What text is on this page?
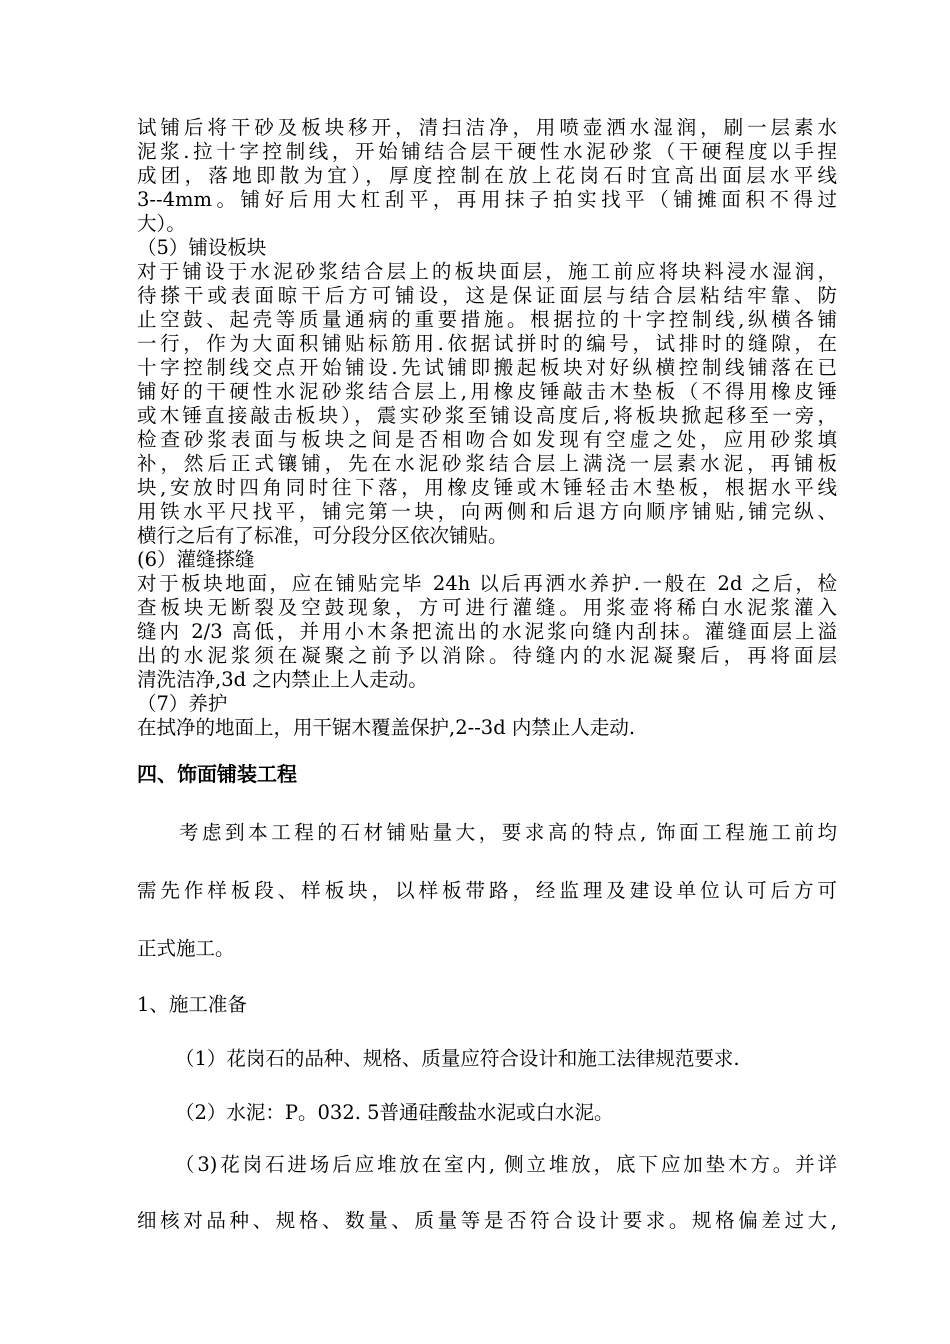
试铺后将干砂及板块移开，清扫洁净，用喷壶洒水湿润，刷一层素水
泥浆.拉十字控制线，开始铺结合层干硬性水泥砂浆（干硬程度以手捏
成团，落地即散为宜），厚度控制在放上花岗石时宜高出面层水平线
3--4mm。铺好后用大杠刮平，再用抹子拍实找平（铺摊面积不得过
大）。
（5）铺设板块
对于铺设于水泥砂浆结合层上的板块面层，施工前应将块料浸水湿润，
待搽干或表面晾干后方可铺设，这是保证面层与结合层粘结牢靠、防
止空鼓、起壳等质量通病的重要措施。根据拉的十字控制线,纵横各铺
一行，作为大面积铺贴标筋用.依据试拼时的编号，试排时的缝隙，在
十字控制线交点开始铺设.先试铺即搬起板块对好纵横控制线铺落在已
铺好的干硬性水泥砂浆结合层上,用橡皮锤敲击木垫板（不得用橡皮锤
或木锤直接敲击板块），震实砂浆至铺设高度后,将板块掀起移至一旁，
检查砂浆表面与板块之间是否相吻合如发现有空虚之处，应用砂浆填
补，然后正式镶铺，先在水泥砂浆结合层上满浇一层素水泥，再铺板
块,安放时四角同时往下落，用橡皮锤或木锤轻击木垫板，根据水平线
用铁水平尺找平，铺完第一块，向两侧和后退方向顺序铺贴,铺完纵、
横行之后有了标准，可分段分区依次铺贴。
(6）灌缝搽缝
对于板块地面，应在铺贴完毕 24h 以后再洒水养护.一般在 2d 之后，检
查板块无断裂及空鼓现象，方可进行灌缝。用浆壶将稀白水泥浆灌入
缝内 2/3 高低，并用小木条把流出的水泥浆向缝内刮抹。灌缝面层上溢
出的水泥浆须在凝聚之前予以消除。待缝内的水泥凝聚后，再将面层
清洗洁净,3d 之内禁止上人走动。
（7）养护
在拭净的地面上，用干锯木覆盖保护,2--3d 内禁止人走动.
四、饰面铺装工程
考虑到本工程的石材铺贴量大，要求高的特点, 饰面工程施工前均
需先作样板段、样板块，以样板带路，经监理及建设单位认可后方可
正式施工。
1、施工准备
（1）花岗石的品种、规格、质量应符合设计和施工法律规范要求.
（2）水泥：P。032. 5普通硅酸盐水泥或白水泥。
（3)花岗石进场后应堆放在室内, 侧立堆放，底下应加垫木方。并详
细核对品种、规格、数量、质量等是否符合设计要求。规格偏差过大,
